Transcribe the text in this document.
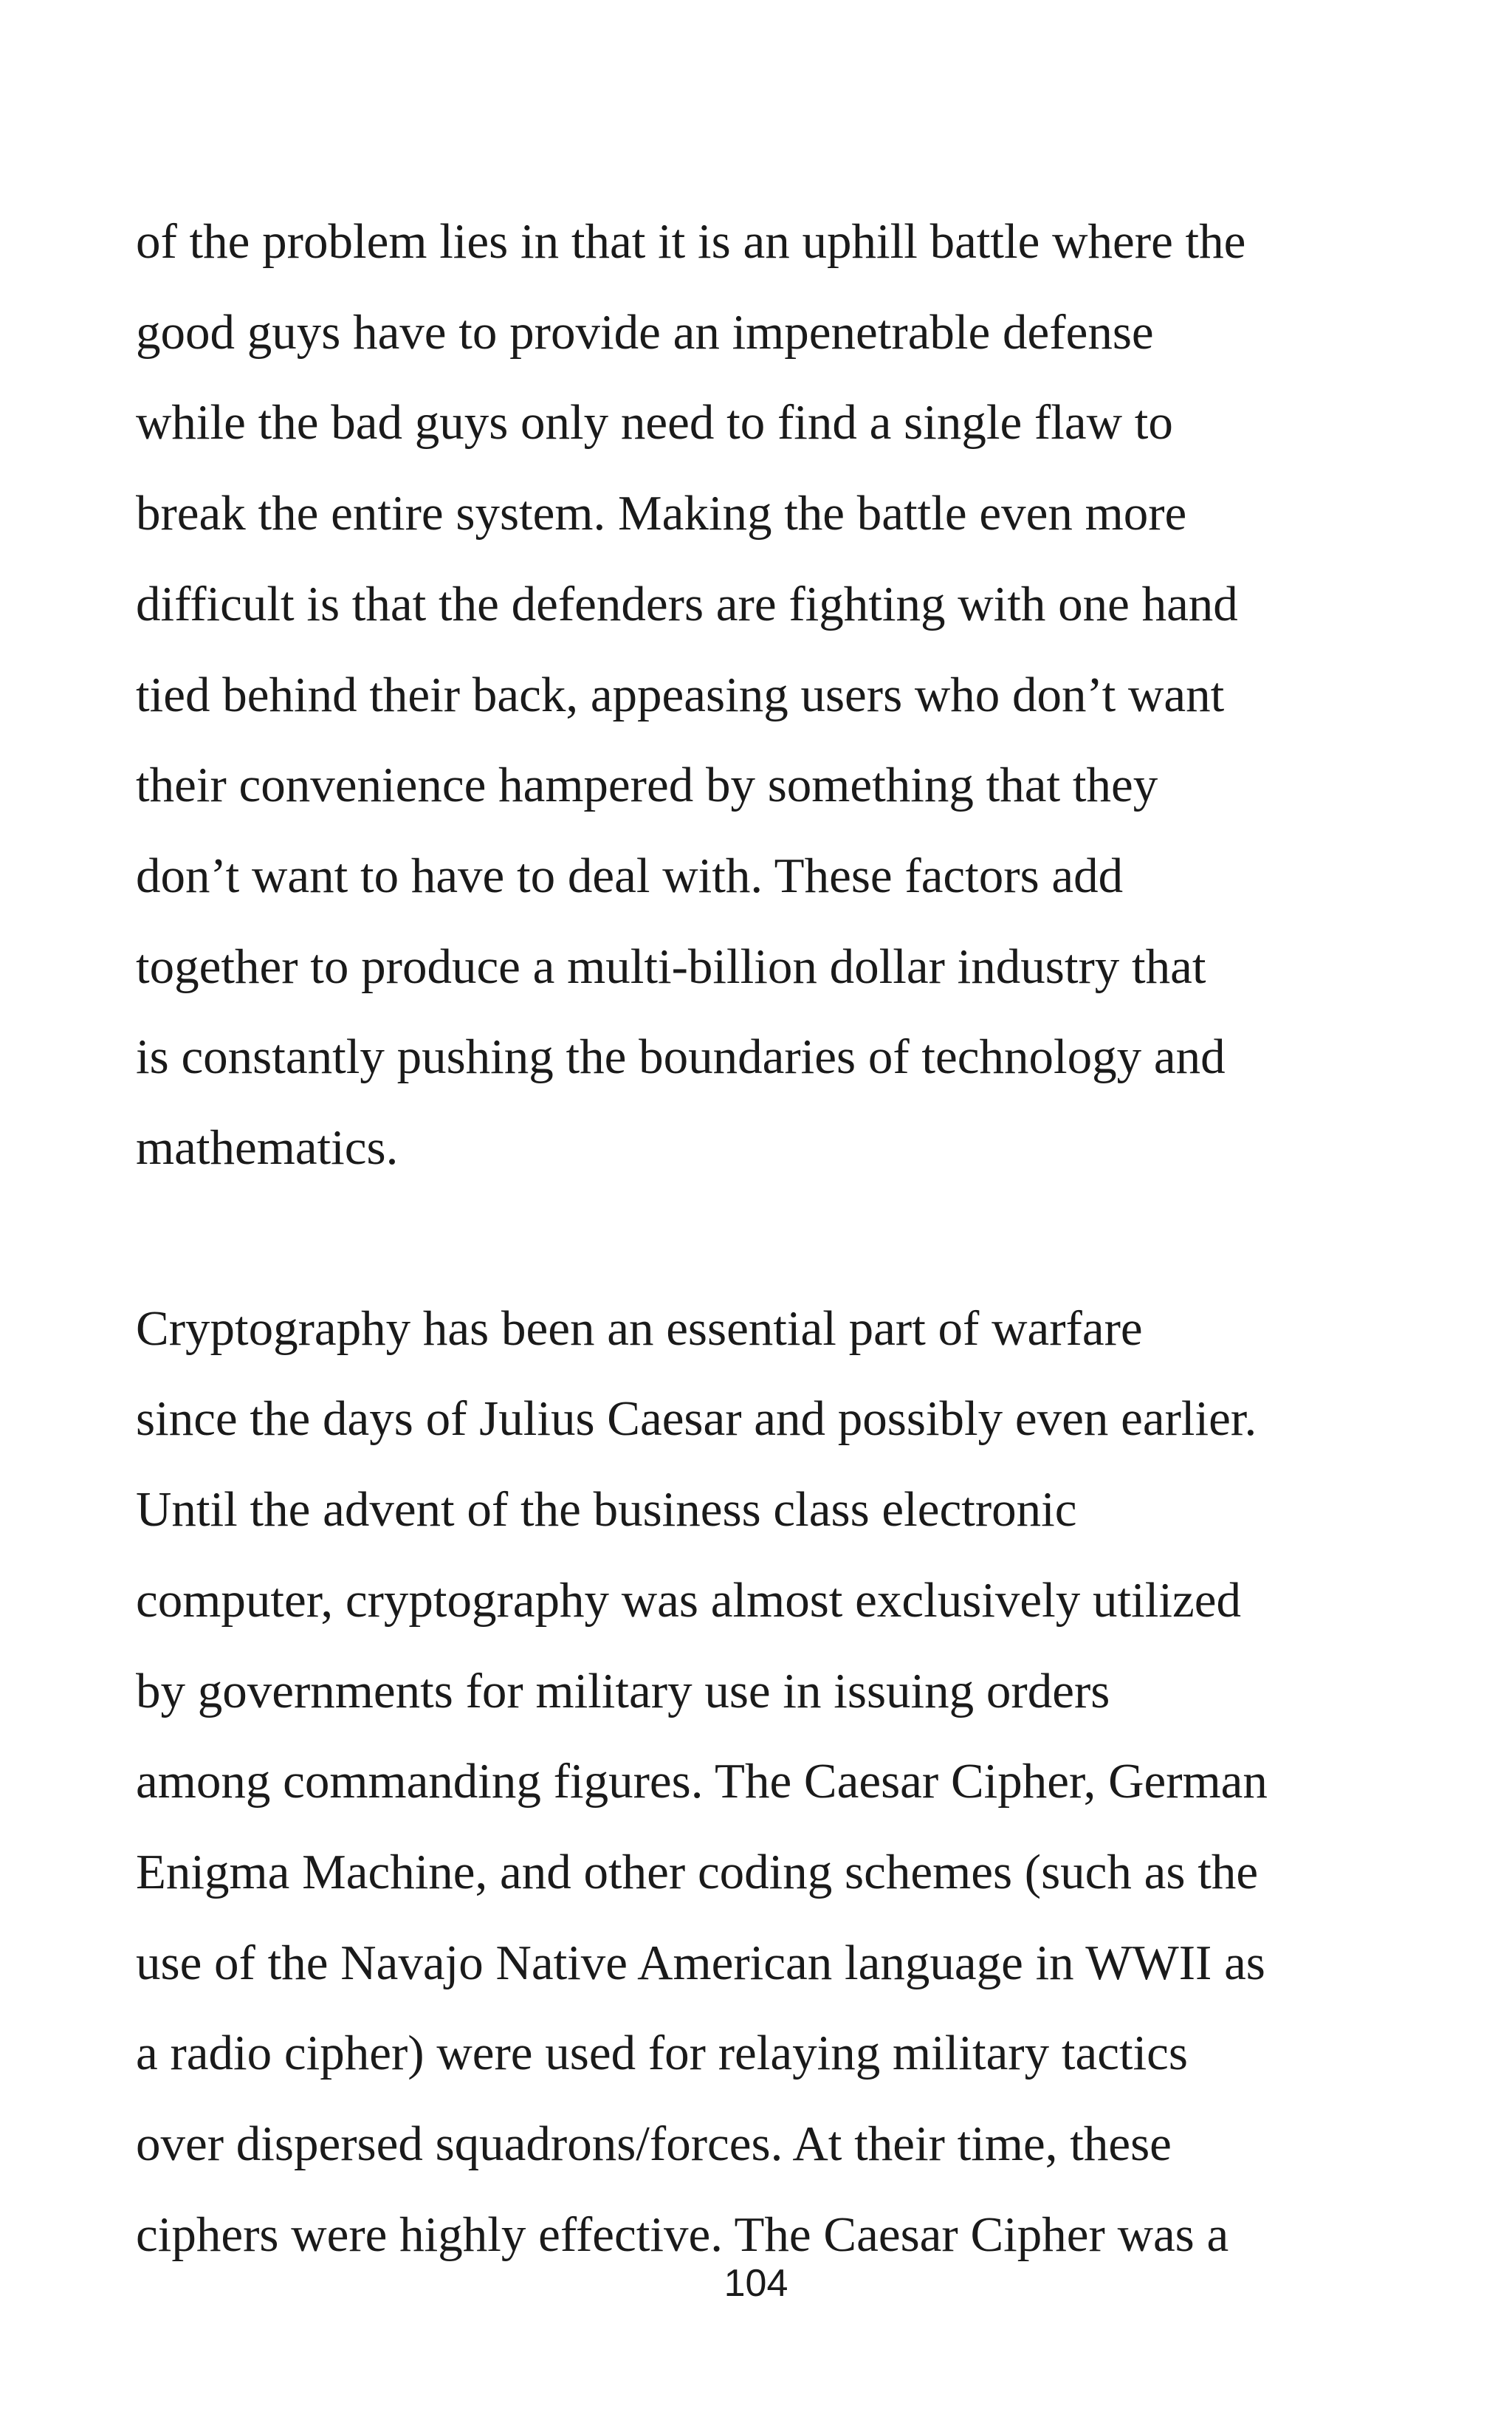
of the problem lies in that it is an uphill battle where the
good guys have to provide an impenetrable defense
while the bad guys only need to find a single flaw to
break the entire system. Making the battle even more
difficult is that the defenders are fighting with one hand
tied behind their back, appeasing users who don’t want
their convenience hampered by something that they
don’t want to have to deal with. These factors add
together to produce a multi-billion dollar industry that
is constantly pushing the boundaries of technology and
mathematics.
Cryptography has been an essential part of warfare
since the days of Julius Caesar and possibly even earlier.
Until the advent of the business class electronic
computer, cryptography was almost exclusively utilized
by governments for military use in issuing orders
among commanding figures. The Caesar Cipher, German
Enigma Machine, and other coding schemes (such as the
use of the Navajo Native American language in WWII as
a radio cipher) were used for relaying military tactics
over dispersed squadrons/forces. At their time, these
ciphers were highly effective. The Caesar Cipher was a
104
